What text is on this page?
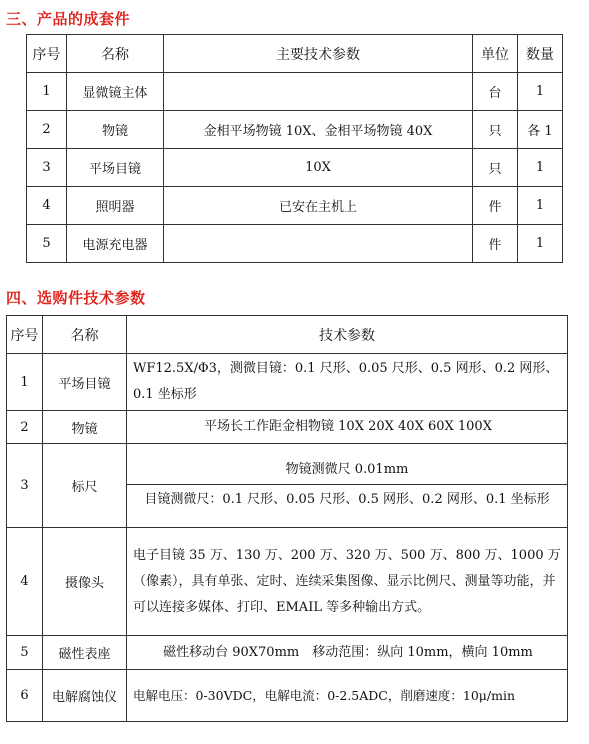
三、产品的成套件
序号	名称	主要技术参数	单位	数量
1	显微镜主体		台	1
2	物镜	金相平场物镜 10X、金相平场物镜 40X	只	各 1
3	平场目镜	10X	只	1
4	照明器	已安在主机上	件	1
5	电源充电器		件	1
四、选购件技术参数
序号	名称	技术参数
1	平场目镜	WF12.5X/Φ3，测微目镜：0.1 尺形、0.05 尺形、0.5 网形、0.2 网形、0.1 坐标形
2	物镜	平场长工作距金相物镜 10X 20X 40X 60X 100X
3	标尺	物镜测微尺 0.01mm
目镜测微尺：0.1 尺形、0.05 尺形、0.5 网形、0.2 网形、0.1 坐标形

4	摄像头	电子目镜 35 万、130 万、200 万、320 万、500 万、800 万、1000 万（像素），具有单张、定时、连续采集图像、显示比例尺、测量等功能，并可以连接多媒体、打印、EMAIL 等多种输出方式。
5	磁性表座	磁性移动台 90X70mm　移动范围：纵向 10mm，横向 10mm
6	电解腐蚀仪	电解电压：0-30VDC，电解电流：0-2.5ADC，削磨速度：10μ/min
